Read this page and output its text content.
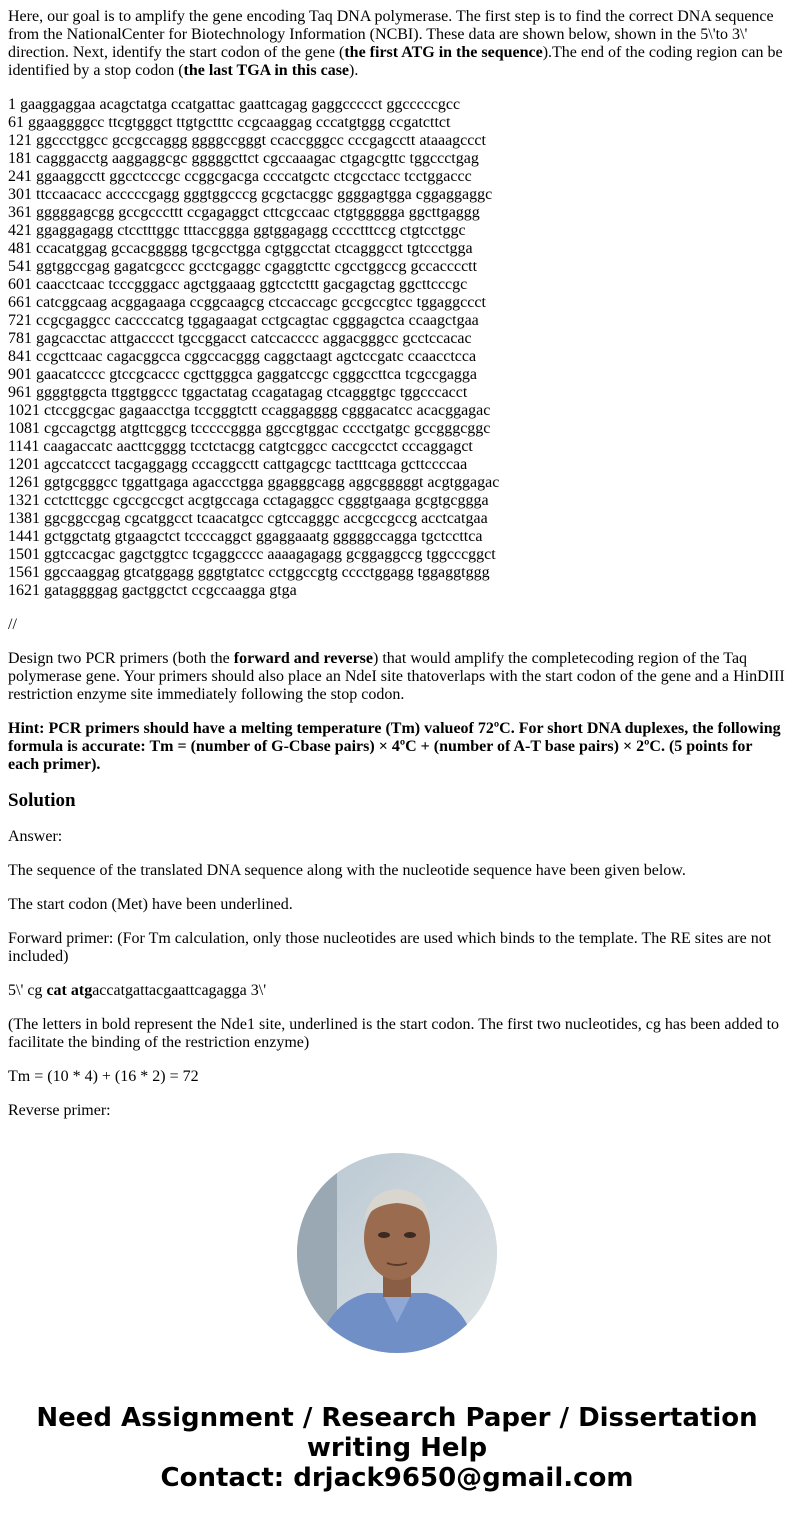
Here, our goal is to amplify the gene encoding Taq DNA polymerase. The first step is to find the correct DNA sequence from the NationalCenter for Biotechnology Information (NCBI). These data are shown below, shown in the 5\'to 3\' direction. Next, identify the start codon of the gene (the first ATG in the sequence).The end of the coding region can be identified by a stop codon (the last TGA in this case).

1 gaaggaggaa acagctatga ccatgattac gaattcagag gaggccccct ggcccccgcc
61 ggaaggggcc ttcgtgggct ttgtgctttc ccgcaaggag cccatgtggg ccgatcttct
121 ggccctggcc gccgccaggg ggggccgggt ccaccgggcc cccgagcctt ataaagccct
181 cagggacctg aaggaggcgc gggggcttct cgccaaagac ctgagcgttc tggccctgag
241 ggaaggcctt ggcctcccgc ccggcgacga ccccatgctc ctcgcctacc tcctggaccc
301 ttccaacacc acccccgagg gggtggcccg gcgctacggc ggggagtgga cggaggaggc
361 gggggagcgg gccgcccttt ccgagaggct cttcgccaac ctgtggggga ggcttgaggg
421 ggaggagagg ctcctttggc tttaccggga ggtggagagg cccctttccg ctgtcctggc
481 ccacatggag gccacggggg tgcgcctgga cgtggcctat ctcagggcct tgtccctgga
541 ggtggccgag gagatcgccc gcctcgaggc cgaggtcttc cgcctggccg gccacccctt
601 caacctcaac tcccgggacc agctggaaag ggtcctcttt gacgagctag ggcttcccgc
661 catcggcaag acggagaaga ccggcaagcg ctccaccagc gccgccgtcc tggaggccct
721 ccgcgaggcc caccccatcg tggagaagat cctgcagtac cgggagctca ccaagctgaa
781 gagcacctac attgacccct tgccggacct catccacccc aggacgggcc gcctccacac
841 ccgcttcaac cagacggcca cggccacggg caggctaagt agctccgatc ccaacctcca
901 gaacatcccc gtccgcaccc cgcttgggca gaggatccgc cgggccttca tcgccgagga
961 ggggtggcta ttggtggccc tggactatag ccagatagag ctcagggtgc tggcccacct
1021 ctccggcgac gagaacctga tccgggtctt ccaggagggg cgggacatcc acacggagac
1081 cgccagctgg atgttcggcg tcccccggga ggccgtggac cccctgatgc gccgggcggc
1141 caagaccatc aacttcgggg tcctctacgg catgtcggcc caccgcctct cccaggagct
1201 agccatccct tacgaggagg cccaggcctt cattgagcgc tactttcaga gcttccccaa
1261 ggtgcgggcc tggattgaga agaccctgga ggagggcagg aggcgggggt acgtggagac
1321 cctcttcggc cgccgccgct acgtgccaga cctagaggcc cgggtgaaga gcgtgcggga
1381 ggcggccgag cgcatggcct tcaacatgcc cgtccagggc accgccgccg acctcatgaa
1441 gctggctatg gtgaagctct tccccaggct ggaggaaatg gggggccagga tgctccttca
1501 ggtccacgac gagctggtcc tcgaggcccc aaaagagagg gcggaggccg tggcccggct
1561 ggccaaggag gtcatggagg gggtgtatcc cctggccgtg cccctggagg tggaggtggg
1621 gataggggag gactggctct ccgccaagga gtga

//

Design two PCR primers (both the forward and reverse) that would amplify the completecoding region of the Taq polymerase gene. Your primers should also place an NdeI site thatoverlaps with the start codon of the gene and a HinDIII restriction enzyme site immediately following the stop codon.

Hint: PCR primers should have a melting temperature (Tm) valueof 72ºC. For short DNA duplexes, the following formula is accurate: Tm = (number of G-Cbase pairs) × 4ºC + (number of A-T base pairs) × 2ºC. (5 points for each primer).

Solution

Answer:

The sequence of the translated DNA sequence along with the nucleotide sequence have been given below.

The start codon (Met) have been underlined.

Forward primer: (For Tm calculation, only those nucleotides are used which binds to the template. The RE sites are not included)

5\' cg cat atgaccatgattacgaattcagagga 3\'

(The letters in bold represent the Nde1 site, underlined is the start codon. The first two nucleotides, cg has been added to facilitate the binding of the restriction enzyme)

Tm = (10 * 4) + (16 * 2) = 72

Reverse primer:

Need Assignment / Research Paper / Dissertation writing Help
Contact: drjack9650@gmail.com
